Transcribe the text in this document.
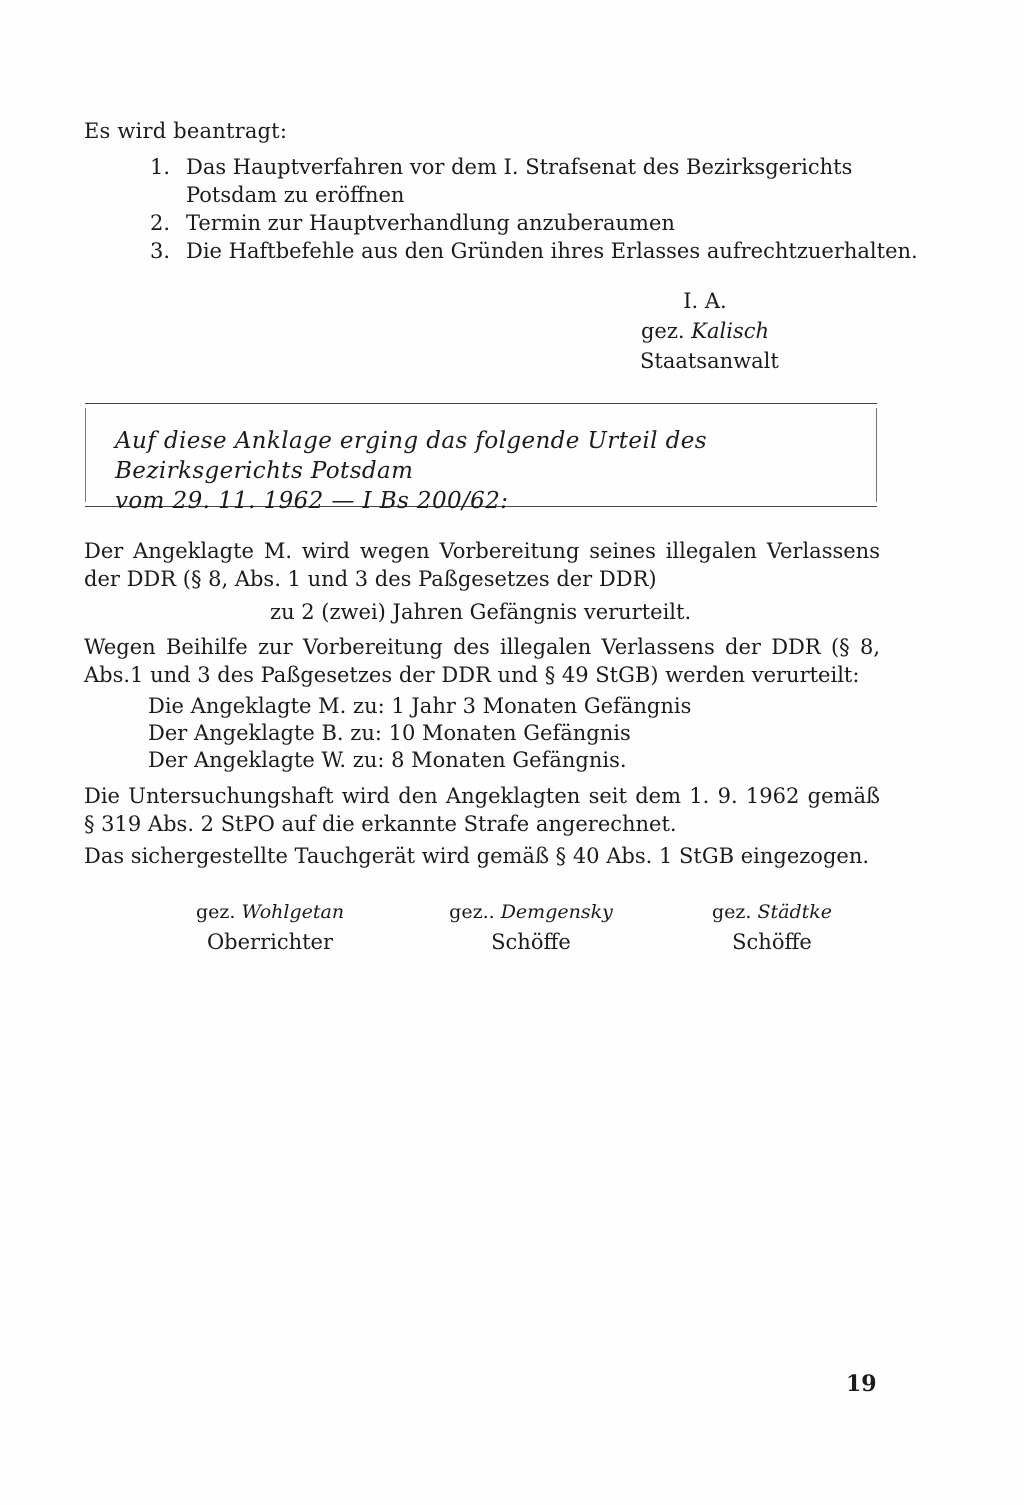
Es wird beantragt:
1. Das Hauptverfahren vor dem I. Strafsenat des Bezirksgerichts Potsdam zu eröffnen
2. Termin zur Hauptverhandlung anzuberaumen
3. Die Haftbefehle aus den Gründen ihres Erlasses aufrechtzuerhalten.
I. A.
gez. Kalisch
Staatsanwalt
Auf diese Anklage erging das folgende Urteil des Bezirksgerichts Potsdam
vom 29. 11. 1962 — I Bs 200/62:
Der Angeklagte M. wird wegen Vorbereitung seines illegalen Verlassens der DDR (§ 8, Abs. 1 und 3 des Paßgesetzes der DDR)
zu 2 (zwei) Jahren Gefängnis verurteilt.
Wegen Beihilfe zur Vorbereitung des illegalen Verlassens der DDR (§ 8, Abs.1 und 3 des Paßgesetzes der DDR und § 49 StGB) werden verurteilt:
Die Angeklagte M. zu: 1 Jahr 3 Monaten Gefängnis
Der Angeklagte B. zu: 10 Monaten Gefängnis
Der Angeklagte W. zu: 8 Monaten Gefängnis.
Die Untersuchungshaft wird den Angeklagten seit dem 1. 9. 1962 gemäß § 319 Abs. 2 StPO auf die erkannte Strafe angerechnet.
Das sichergestellte Tauchgerät wird gemäß § 40 Abs. 1 StGB eingezogen.
gez. Wohlgetan
Oberrichter
gez.. Demgensky
Schöffe
gez. Städtke
Schöffe
19
